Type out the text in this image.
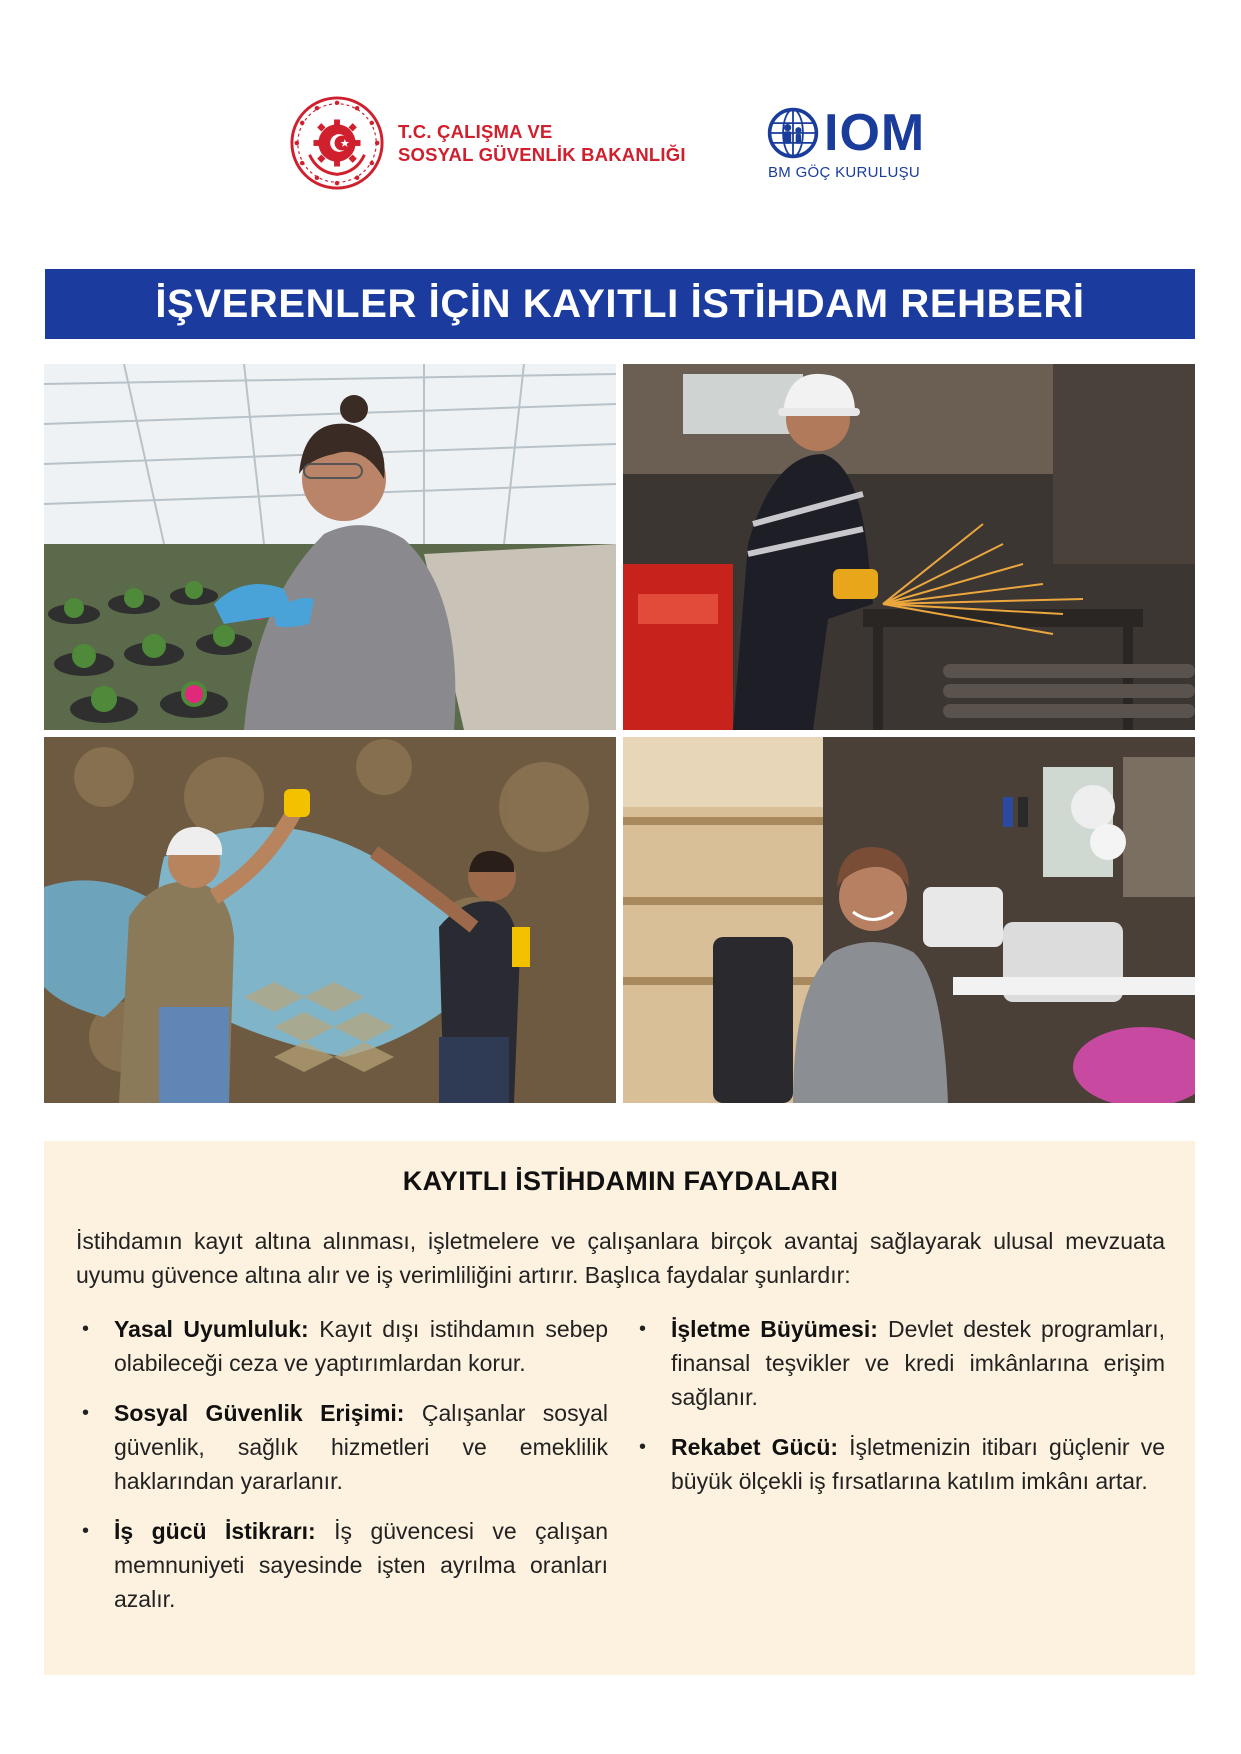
T.C. ÇALIŞMA VE
SOSYAL GÜVENLİK BAKANLIĞI	IOM
BM GÖÇ KURULUŞU
İŞVERENLER İÇİN KAYITLI İSTİHDAM REHBERİ
KAYITLI İSTİHDAMIN FAYDALARI

İstihdamın kayıt altına alınması, işletmelere ve çalışanlara birçok avantaj sağlayarak ulusal mevzuata uyumu güvence altına alır ve iş verimliliğini artırır. Başlıca faydalar şunlardır:

• Yasal Uyumluluk: Kayıt dışı istihdamın sebep olabileceği ceza ve yaptırımlardan korur.
• Sosyal Güvenlik Erişimi: Çalışanlar sosyal güvenlik, sağlık hizmetleri ve emeklilik haklarından yararlanır.
• İş gücü İstikrarı: İş güvencesi ve çalışan memnuniyeti sayesinde işten ayrılma oranları azalır.
• İşletme Büyümesi: Devlet destek programları, finansal teşvikler ve kredi imkânlarına erişim sağlanır.
• Rekabet Gücü: İşletmenizin itibarı güçlenir ve büyük ölçekli iş fırsatlarına katılım imkânı artar.
